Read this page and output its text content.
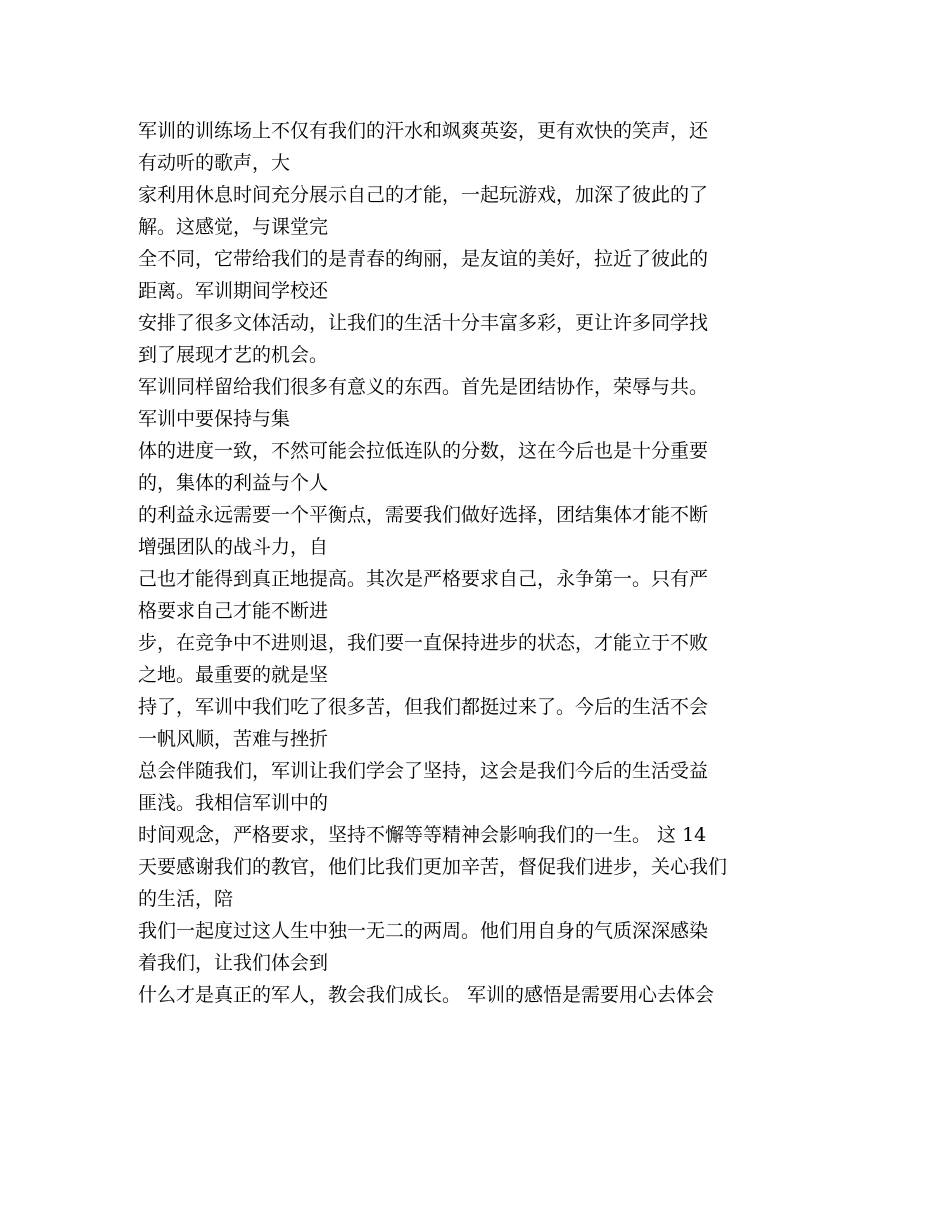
军训的训练场上不仅有我们的汗水和飒爽英姿，更有欢快的笑声，还
有动听的歌声，大
家利用休息时间充分展示自己的才能，一起玩游戏，加深了彼此的了
解。这感觉，与课堂完
全不同，它带给我们的是青春的绚丽，是友谊的美好，拉近了彼此的
距离。军训期间学校还
安排了很多文体活动，让我们的生活十分丰富多彩，更让许多同学找
到了展现才艺的机会。
军训同样留给我们很多有意义的东西。首先是团结协作，荣辱与共。
军训中要保持与集
体的进度一致，不然可能会拉低连队的分数，这在今后也是十分重要
的，集体的利益与个人
的利益永远需要一个平衡点，需要我们做好选择，团结集体才能不断
增强团队的战斗力，自
己也才能得到真正地提高。其次是严格要求自己，永争第一。只有严
格要求自己才能不断进
步，在竞争中不进则退，我们要一直保持进步的状态，才能立于不败
之地。最重要的就是坚
持了，军训中我们吃了很多苦，但我们都挺过来了。今后的生活不会
一帆风顺，苦难与挫折
总会伴随我们，军训让我们学会了坚持，这会是我们今后的生活受益
匪浅。我相信军训中的
时间观念，严格要求，坚持不懈等等精神会影响我们的一生。 这 14
天要感谢我们的教官，他们比我们更加辛苦，督促我们进步，关心我们
的生活，陪
我们一起度过这人生中独一无二的两周。他们用自身的气质深深感染
着我们，让我们体会到
什么才是真正的军人，教会我们成长。 军训的感悟是需要用心去体会
